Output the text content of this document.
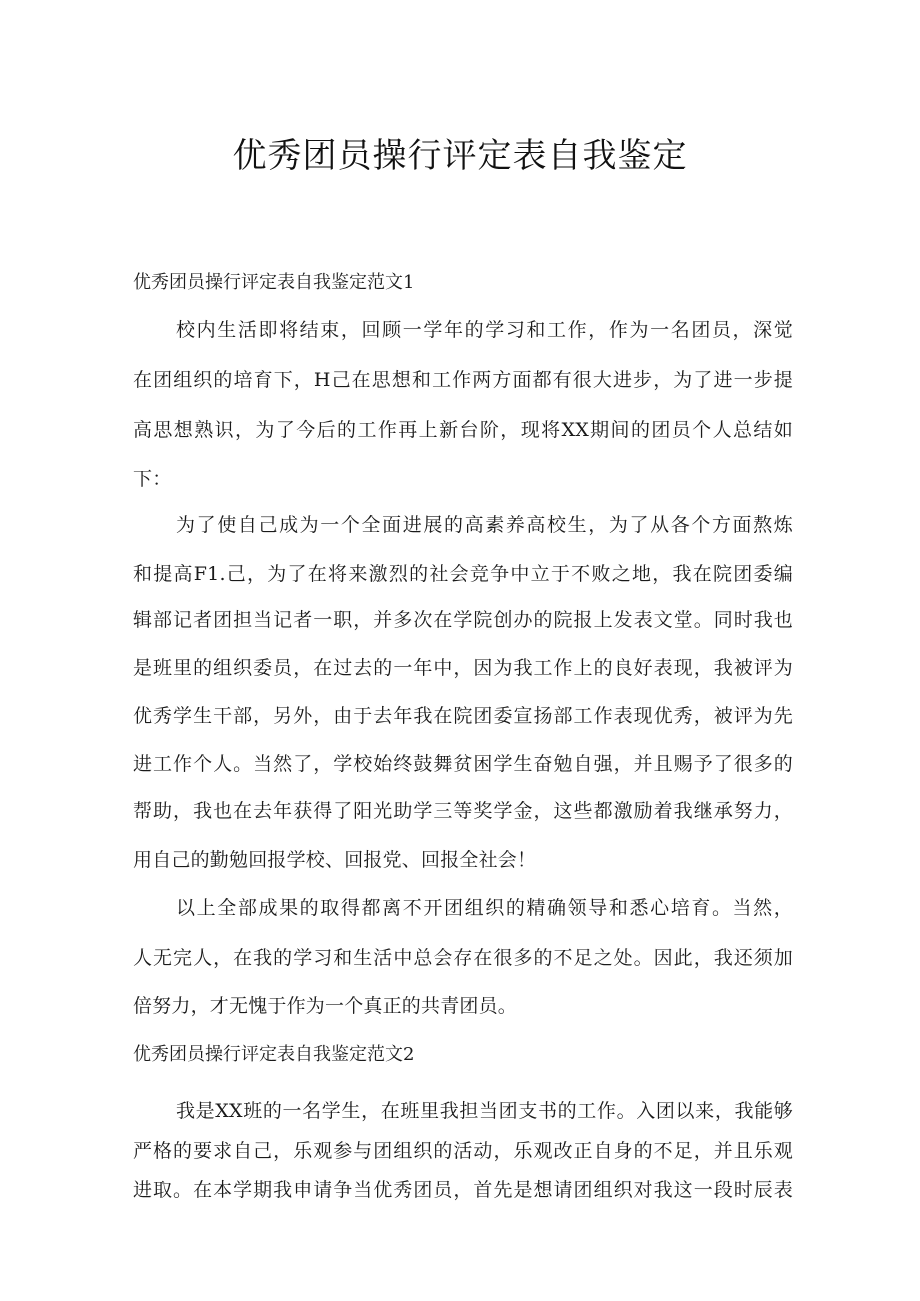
优秀团员操行评定表自我鉴定
优秀团员操行评定表自我鉴定范文1
校内生活即将结束，回顾一学年的学习和工作，作为一名团员，深觉
在团组织的培育下，H己在思想和工作两方面都有很大进步，为了进一步提
高思想熟识，为了今后的工作再上新台阶，现将XX期间的团员个人总结如
下：
为了使自己成为一个全面进展的高素养高校生，为了从各个方面熬炼
和提高F1.己，为了在将来激烈的社会竞争中立于不败之地，我在院团委编
辑部记者团担当记者一职，并多次在学院创办的院报上发表文堂。同时我也
是班里的组织委员，在过去的一年中，因为我工作上的良好表现，我被评为
优秀学生干部，另外，由于去年我在院团委宣扬部工作表现优秀，被评为先
进工作个人。当然了，学校始终鼓舞贫困学生奋勉自强，并且赐予了很多的
帮助，我也在去年获得了阳光助学三等奖学金，这些都激励着我继承努力，
用自己的勤勉回报学校、回报党、回报全社会！
以上全部成果的取得都离不开团组织的精确领导和悉心培育。当然，
人无完人，在我的学习和生活中总会存在很多的不足之处。因此，我还须加
倍努力，才无愧于作为一个真正的共青团员。
优秀团员操行评定表自我鉴定范文2
我是XX班的一名学生，在班里我担当团支书的工作。入团以来，我能够
严格的要求自己，乐观参与团组织的活动，乐观改正自身的不足，并且乐观
进取。在本学期我申请争当优秀团员，首先是想请团组织对我这一段时辰表
